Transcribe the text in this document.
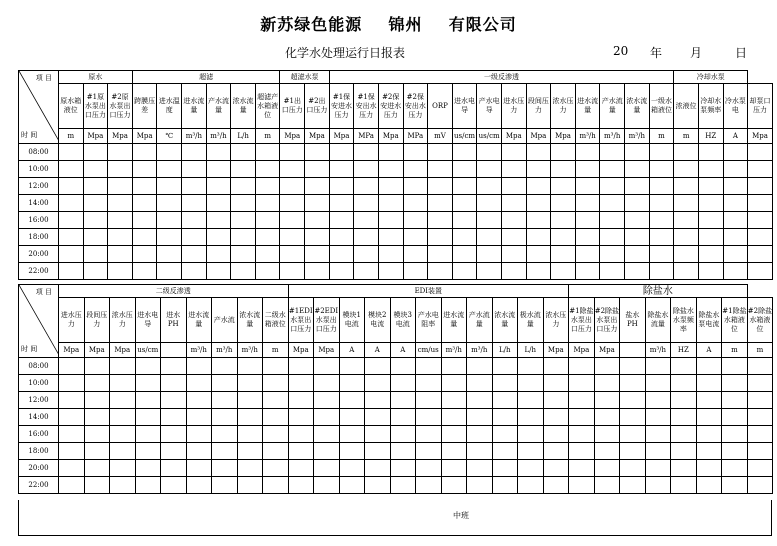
新苏绿色能源    锦州    有限公司
化学水处理运行日报表	20 年 月	日
项 目
时 间	原水			超滤						超滤水泵		一级反渗透														冷却水泵			
	原水箱液位	#1原水泵出口压力	#2原水泵出口压力	跨膜压差	进水温度	进水流量	产水流量	浓水流量	超滤产水箱液位	#1出口压力	#2出口压力	#1保安进水压力	#1保安出水压力	#2保安进水压力	#2保安出水压力	ORP	进水电导	产水电导	进水压力	段间压力	浓水压力	进水流量	产水流量	浓水流量	一级水箱液位	浓液位	冷却水泵频率	冷水泵电	却泵口压力
	m	Mpa	Mpa	Mpa	℃	m³/h	m³/h	L/h	m	Mpa	Mpa	Mpa	MPa	Mpa	MPa	mV	us/cm	us/cm	Mpa	Mpa	Mpa	m³/h	m³/h	m³/h	m	m	HZ	A	Mpa
08:00																													
10:00																													
12:00																													
14:00																													
16:00																													
18:00																													
20:00																													
22:00																													
项 目
时 间	二级反渗透									EDI装置											除盐水							
	进水压力	段间压力	浓水压力	进水电导	进水PH	进水流量	产水流	浓水流量	二级水箱液位	#1EDI水泵出口压力	#2EDI水泵出口压力	模块1电流	模块2电流	模块3电流	产水电阻率	进水流量	产水流量	浓水流量	极水流量	浓水压力	#1除盐水泵出口压力	#2除盐水泵出口压力	盐水PH	除盐水流量	除盐水水泵频率	除盐水泵电流	#1除盐水箱液位	#2除盐水箱液位
	Mpa	Mpa	Mpa	us/cm		m³/h	m³/h	m³/h	m	Mpa	Mpa	A	A	A	cm/us	m³/h	m³/h	L/h	L/h	Mpa	Mpa	Mpa		m³/h	HZ	A	m	m
08:00																												
10:00																												
12:00																												
14:00																												
16:00																												
18:00																												
20:00																												
22:00																												
中班
